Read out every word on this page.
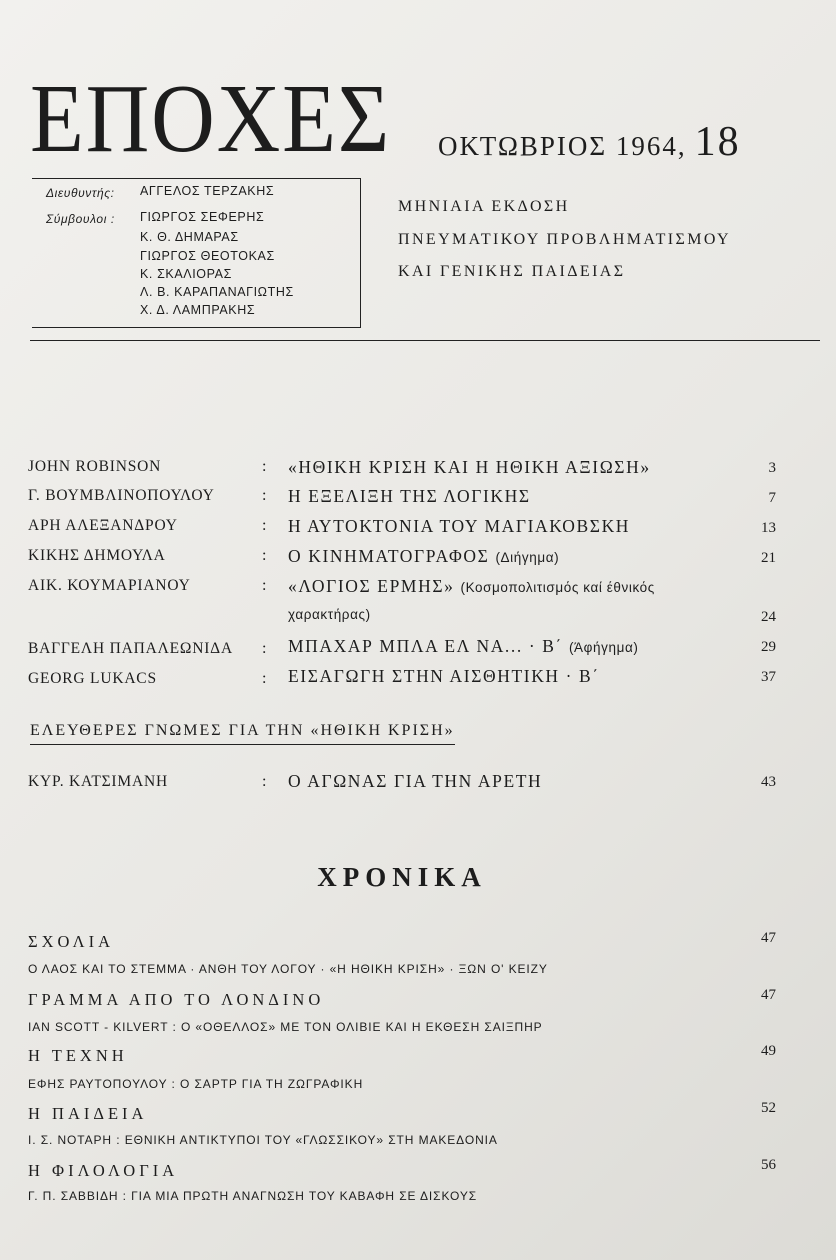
ΕΠΟΧΕΣ ΟΚΤΩΒΡΙΟΣ 1964, 18
Διευθυντής: ΑΓΓΕΛΟΣ ΤΕΡΖΑΚΗΣ
Σύμβουλοι : ΓΙΩΡΓΟΣ ΣΕΦΕΡΗΣ
Κ. Θ. ΔΗΜΑΡΑΣ
ΓΙΩΡΓΟΣ ΘΕΟΤΟΚΑΣ
Κ. ΣΚΑΛΙΟΡΑΣ
Λ. Β. ΚΑΡΑΠΑΝΑΓΙΩΤΗΣ
Χ. Δ. ΛΑΜΠΡΑΚΗΣ
ΜΗΝΙΑΙΑ ΕΚΔΟΣΗ
ΠΝΕΥΜΑΤΙΚΟΥ ΠΡΟΒΛΗΜΑΤΙΣΜΟΥ
ΚΑΙ ΓΕΝΙΚΗΣ ΠΑΙΔΕΙΑΣ
JOHN ROBINSON	: «ΗΘΙΚΗ ΚΡΙΣΗ ΚΑΙ Η ΗΘΙΚΗ ΑΞΙΩΣΗ»	3
Γ. ΒΟΥΜΒΛΙΝΟΠΟΥΛΟΥ	: Η ΕΞΕΛΙΞΗ ΤΗΣ ΛΟΓΙΚΗΣ	7
ΑΡΗ ΑΛΕΞΑΝΔΡΟΥ	: Η ΑΥΤΟΚΤΟΝΙΑ ΤΟΥ ΜΑΓΙΑΚΟΒΣΚΗ	13
ΚΙΚΗΣ ΔΗΜΟΥΛΑ	: Ο ΚΙΝΗΜΑΤΟΓΡΑΦΟΣ (Διήγημα)	21
ΑΙΚ. ΚΟΥΜΑΡΙΑΝΟΥ	: «ΛΟΓΙΟΣ ΕΡΜΗΣ» (Κοσμοπολιτισμός καί έθνικός
χαρακτήρας)	24
ΒΑΓΓΕΛΗ ΠΑΠΑΛΕΩΝΙΔΑ : ΜΠΑΧΑΡ ΜΠΛΑ ΕΛ ΝΑ... · Β΄ (Άφήγημα)	29
GEORG LUKACS	: ΕΙΣΑΓΩΓΗ ΣΤΗΝ ΑΙΣΘΗΤΙΚΗ · Β΄	37
ΕΛΕΥΘΕΡΕΣ ΓΝΩΜΕΣ ΓΙΑ ΤΗΝ «ΗΘΙΚΗ ΚΡΙΣΗ»
ΚΥΡ. ΚΑΤΣΙΜΑΝΗ	: Ο ΑΓΩΝΑΣ ΓΙΑ ΤΗΝ ΑΡΕΤΗ	43
ΧΡΟΝΙΚΑ
ΣΧΟΛΙΑ	47
Ο ΛΑΟΣ ΚΑΙ ΤΟ ΣΤΕΜΜΑ · ΑΝΘΗ ΤΟΥ ΛΟΓΟΥ · «Η ΗΘΙΚΗ ΚΡΙΣΗ» · ΞΩΝ Ο' ΚΕΙΖΥ
ΓΡΑΜΜΑ ΑΠΟ ΤΟ ΛΟΝΔΙΝΟ	47
IAN SCOTT - KILVERT : Ο «ΟΘΕΛΛΟΣ» ΜΕ ΤΟΝ ΟΛΙΒΙΕ ΚΑΙ Η ΕΚΘΕΣΗ ΣΑΙΞΠΗΡ
Η ΤΕΧΝΗ	49
ΕΦΗΣ ΡΑΥΤΟΠΟΥΛΟΥ : Ο ΣΑΡΤΡ ΓΙΑ ΤΗ ΖΩΓΡΑΦΙΚΗ
Η ΠΑΙΔΕΙΑ	52
Ι. Σ. ΝΟΤΑΡΗ : ΕΘΝΙΚΗ ΑΝΤΙΚΤΥΠΟΙ ΤΟΥ «ΓΛΩΣΣΙΚΟΥ» ΣΤΗ ΜΑΚΕΔΟΝΙΑ
Η ΦΙΛΟΛΟΓΙΑ	56
Γ. Π. ΣΑΒΒΙΔΗ : ΓΙΑ ΜΙΑ ΠΡΩΤΗ ΑΝΑΓΝΩΣΗ ΤΟΥ ΚΑΒΑΦΗ ΣΕ ΔΙΣΚΟΥΣ
